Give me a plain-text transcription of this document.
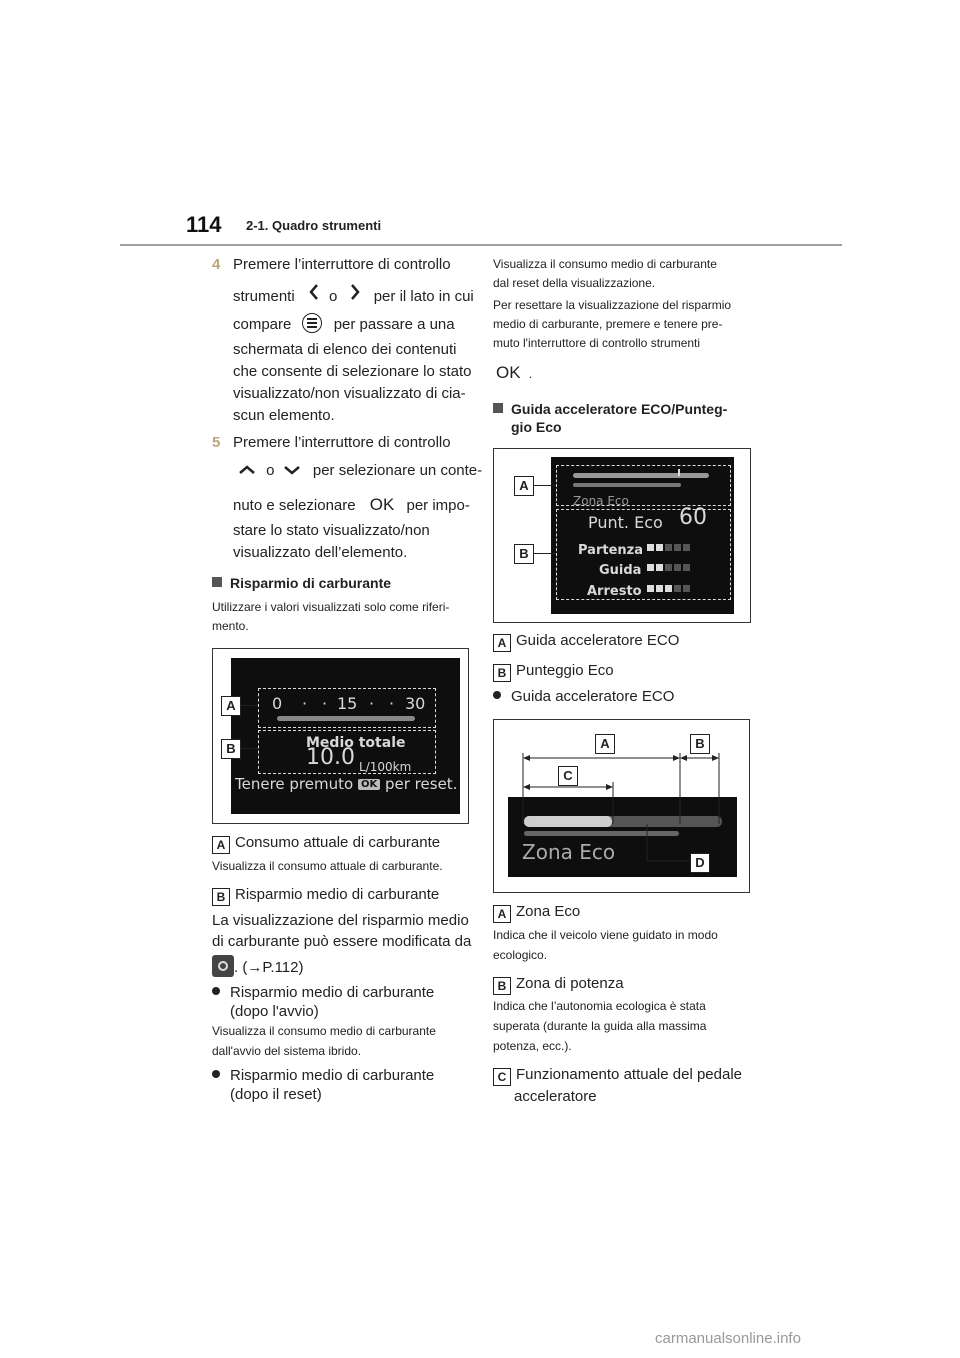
114 2-1. Quadro strumenti
4 Premere l’interruttore di controllo
strumenti o per il lato in cui
compare	per passare a una
schermata di elenco dei contenuti
che consente di selezionare lo stato
visualizzato/non visualizzato di cia-
scun elemento.
5 Premere l’interruttore di controllo
o	per selezionare un conte-
nuto e selezionare OK per impo-
stare lo stato visualizzato/non
visualizzato dell’elemento.
Risparmio di carburante
Utilizzare i valori visualizzati solo come riferi-
mento.
0 · · 15 · · 30
Medio totale
10.0 L/100km
Tenere premuto OK per reset.
A
B
A Consumo attuale di carburante
Visualizza il consumo attuale di carburante.
B Risparmio medio di carburante
La visualizzazione del risparmio medio
di carburante può essere modificata da
. (→P.112)
Risparmio medio di carburante
(dopo l'avvio)
Visualizza il consumo medio di carburante
dall'avvio del sistema ibrido.
Risparmio medio di carburante
(dopo il reset)
Visualizza il consumo medio di carburante
dal reset della visualizzazione.
Per resettare la visualizzazione del risparmio
medio di carburante, premere e tenere pre-
muto l'interruttore di controllo strumenti
OK .
Guida acceleratore ECO/Punteg-
gio Eco
Zona Eco
Punt. Eco 60
Partenza
Guida
Arresto
A
B
A Guida acceleratore ECO
B Punteggio Eco
Guida acceleratore ECO
Zona Eco
A	B
C
D
A Zona Eco
Indica che il veicolo viene guidato in modo
ecologico.
B Zona di potenza
Indica che l’autonomia ecologica è stata
superata (durante la guida alla massima
potenza, ecc.).
C Funzionamento attuale del pedale
acceleratore
carmanualsonline.info
